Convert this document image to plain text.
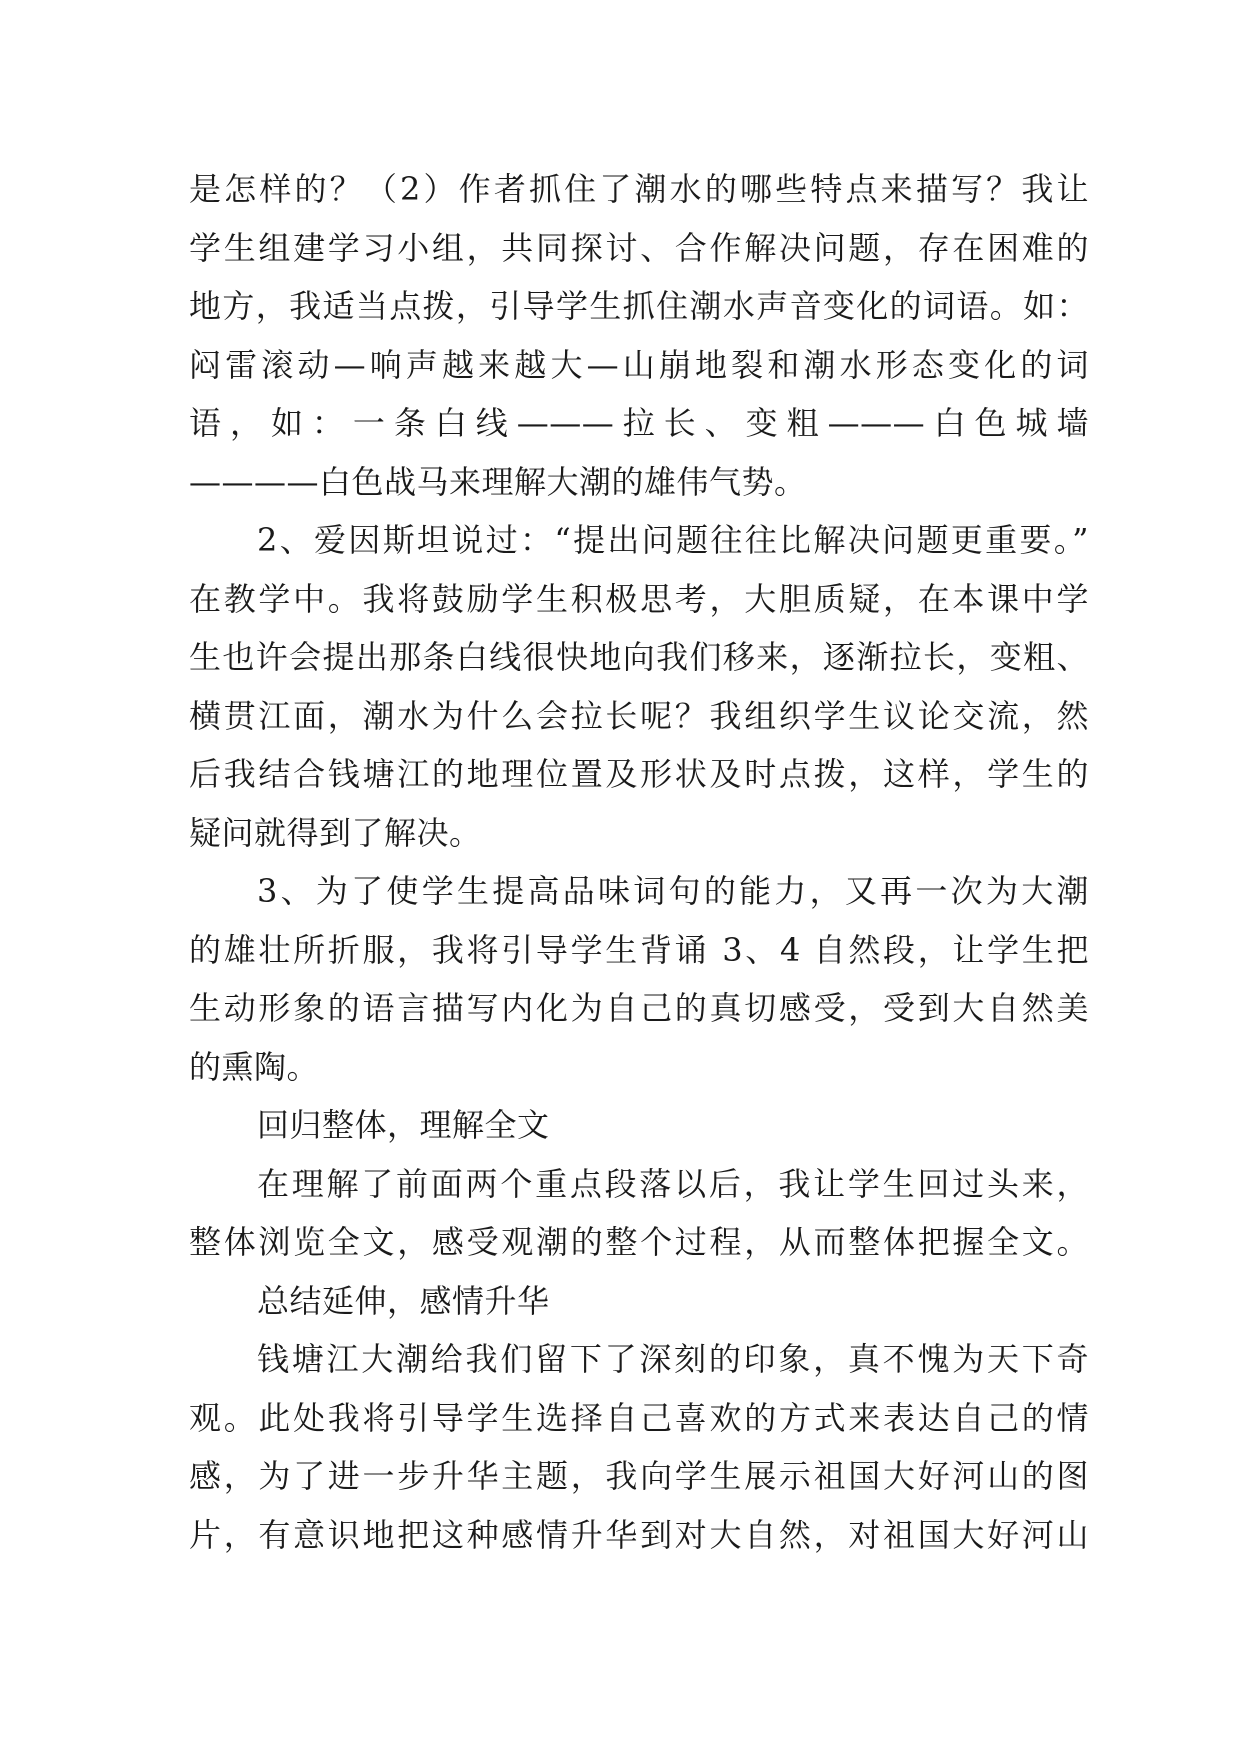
是怎样的？（2）作者抓住了潮水的哪些特点来描写？我让
学生组建学习小组，共同探讨、合作解决问题，存在困难的
地方，我适当点拨，引导学生抓住潮水声音变化的词语。如：
闷雷滚动—响声越来越大—山崩地裂和潮水形态变化的词
语，如：一条白线———拉长、变粗———白色城墙
————白色战马来理解大潮的雄伟气势。
2、爱因斯坦说过：“提出问题往往比解决问题更重要。”
在教学中。我将鼓励学生积极思考，大胆质疑，在本课中学
生也许会提出那条白线很快地向我们移来，逐渐拉长，变粗、
横贯江面，潮水为什么会拉长呢？我组织学生议论交流，然
后我结合钱塘江的地理位置及形状及时点拨，这样，学生的
疑问就得到了解决。
3、为了使学生提高品味词句的能力，又再一次为大潮
的雄壮所折服，我将引导学生背诵 3、4 自然段，让学生把
生动形象的语言描写内化为自己的真切感受，受到大自然美
的熏陶。
回归整体，理解全文
在理解了前面两个重点段落以后，我让学生回过头来，
整体浏览全文，感受观潮的整个过程，从而整体把握全文。
总结延伸，感情升华
钱塘江大潮给我们留下了深刻的印象，真不愧为天下奇
观。此处我将引导学生选择自己喜欢的方式来表达自己的情
感，为了进一步升华主题，我向学生展示祖国大好河山的图
片，有意识地把这种感情升华到对大自然，对祖国大好河山
